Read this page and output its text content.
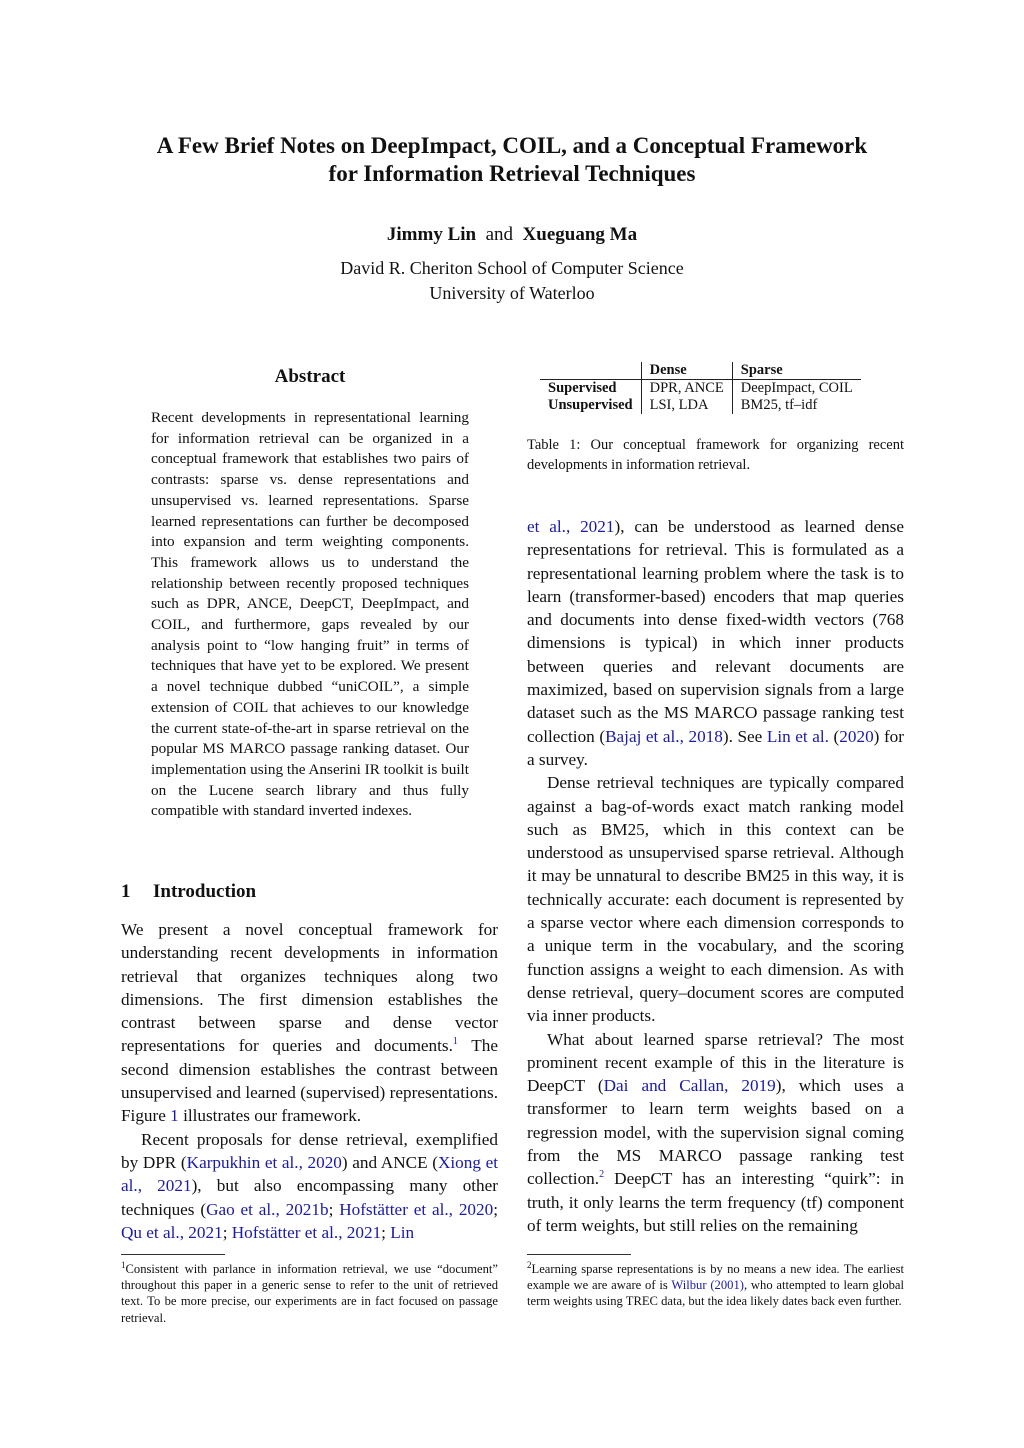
A Few Brief Notes on DeepImpact, COIL, and a Conceptual Framework for Information Retrieval Techniques
Jimmy Lin and Xueguang Ma
David R. Cheriton School of Computer Science
University of Waterloo
Abstract
Recent developments in representational learning for information retrieval can be organized in a conceptual framework that establishes two pairs of contrasts: sparse vs. dense representations and unsupervised vs. learned representations. Sparse learned representations can further be decomposed into expansion and term weighting components. This framework allows us to understand the relationship between recently proposed techniques such as DPR, ANCE, DeepCT, DeepImpact, and COIL, and furthermore, gaps revealed by our analysis point to “low hanging fruit” in terms of techniques that have yet to be explored. We present a novel technique dubbed “uniCOIL”, a simple extension of COIL that achieves to our knowledge the current state-of-the-art in sparse retrieval on the popular MS MARCO passage ranking dataset. Our implementation using the Anserini IR toolkit is built on the Lucene search library and thus fully compatible with standard inverted indexes.
1 Introduction

We present a novel conceptual framework for understanding recent developments in information retrieval that organizes techniques along two dimensions. The first dimension establishes the contrast between sparse and dense vector representations for queries and documents.$^1$ The second dimension establishes the contrast between unsupervised and learned (supervised) representations. Figure 1 illustrates our framework.

Recent proposals for dense retrieval, exemplified by DPR (Karpukhin et al., 2020) and ANCE (Xiong et al., 2021), but also encompassing many other techniques (Gao et al., 2021b; Hofstätter et al., 2020; Qu et al., 2021; Hofstätter et al., 2021; Lin

	Dense	Sparse
Supervised	DPR, ANCE	DeepImpact, COIL
Unsupervised	LSI, LDA	BM25, tf–idf
Table 1: Our conceptual framework for organizing recent developments in information retrieval.

et al., 2021), can be understood as learned dense representations for retrieval. This is formulated as a representational learning problem where the task is to learn (transformer-based) encoders that map queries and documents into dense fixed-width vectors (768 dimensions is typical) in which inner products between queries and relevant documents are maximized, based on supervision signals from a large dataset such as the MS MARCO passage ranking test collection (Bajaj et al., 2018). See Lin et al. (2020) for a survey.

Dense retrieval techniques are typically compared against a bag-of-words exact match ranking model such as BM25, which in this context can be understood as unsupervised sparse retrieval. Although it may be unnatural to describe BM25 in this way, it is technically accurate: each document is represented by a sparse vector where each dimension corresponds to a unique term in the vocabulary, and the scoring function assigns a weight to each dimension. As with dense retrieval, query–document scores are computed via inner products.

What about learned sparse retrieval? The most prominent recent example of this in the literature is DeepCT (Dai and Callan, 2019), which uses a transformer to learn term weights based on a regression model, with the supervision signal coming from the MS MARCO passage ranking test collection.$^2$ DeepCT has an interesting “quirk”: in truth, it only learns the term frequency (tf) component of term weights, but still relies on the remaining

$^1$Consistent with parlance in information retrieval, we use “document” throughout this paper in a generic sense to refer to the unit of retrieved text. To be more precise, our experiments are in fact focused on passage retrieval.
$^2$Learning sparse representations is by no means a new idea. The earliest example we are aware of is Wilbur (2001), who attempted to learn global term weights using TREC data, but the idea likely dates back even further.
